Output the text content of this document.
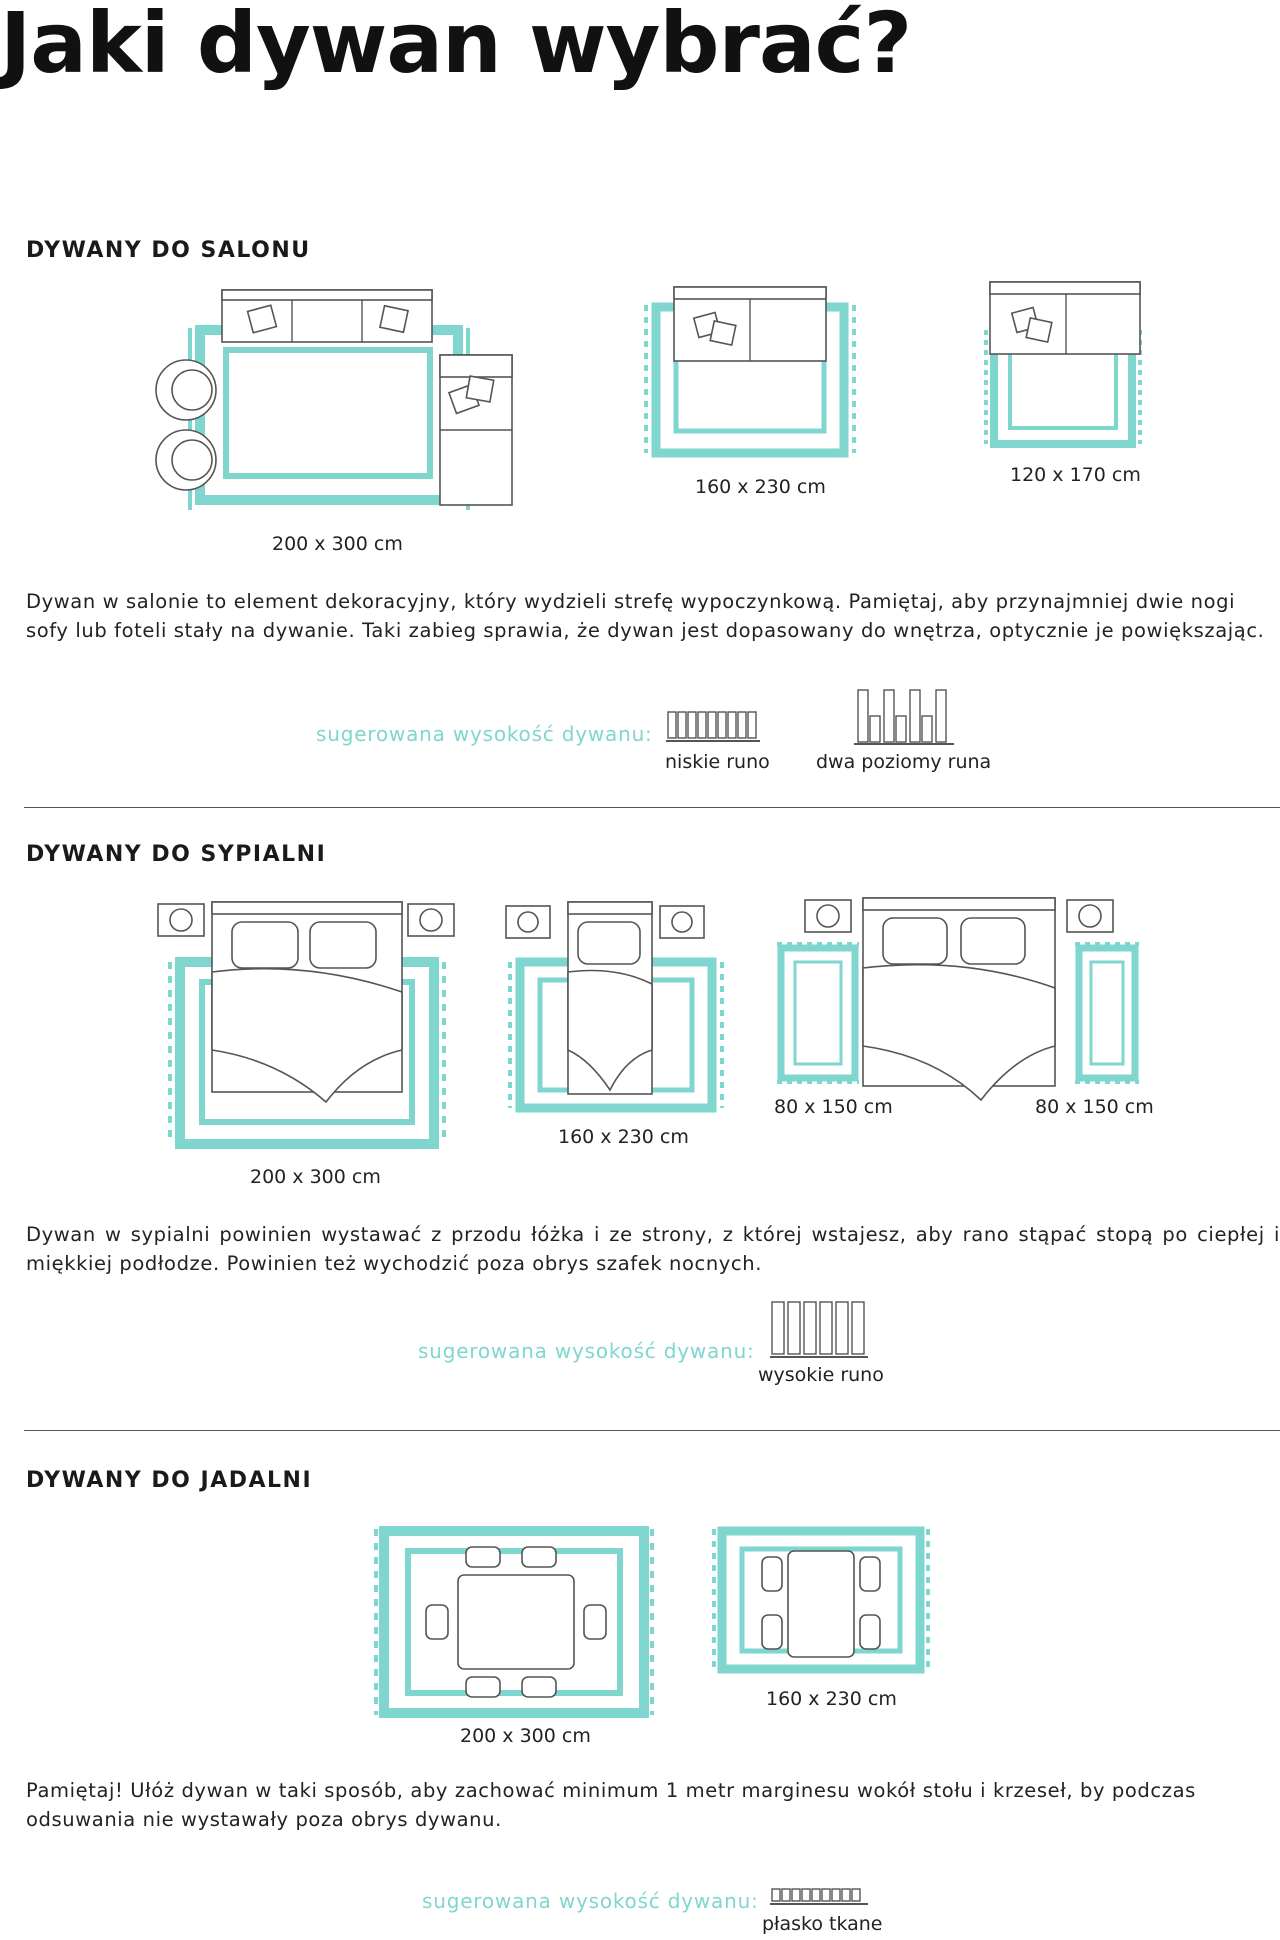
Jaki dywan wybrać?
DYWANY DO SALONU
200 x 300 cm
160 x 230 cm
120 x 170 cm
Dywan w salonie to element dekoracyjny, który wydzieli strefę wypoczynkową. Pamiętaj, aby przynajmniej dwie nogi sofy lub foteli stały na dywanie. Taki zabieg sprawia, że dywan jest dopasowany do wnętrza, optycznie je powiększając.
sugerowana wysokość dywanu:
niskie runo dwa poziomy runa
DYWANY DO SYPIALNI
200 x 300 cm
160 x 230 cm
80 x 150 cm	80 x 150 cm
Dywan w sypialni powinien wystawać z przodu łóżka i ze strony, z której wstajesz, aby rano stąpać stopą po ciepłej i miękkiej podłodze. Powinien też wychodzić poza obrys szafek nocnych.
sugerowana wysokość dywanu:
wysokie runo
DYWANY DO JADALNI
200 x 300 cm
160 x 230 cm
Pamiętaj! Ułóż dywan w taki sposób, aby zachować minimum 1 metr marginesu wokół stołu i krzeseł, by podczas odsuwania nie wystawały poza obrys dywanu.
sugerowana wysokość dywanu:
płasko tkane
